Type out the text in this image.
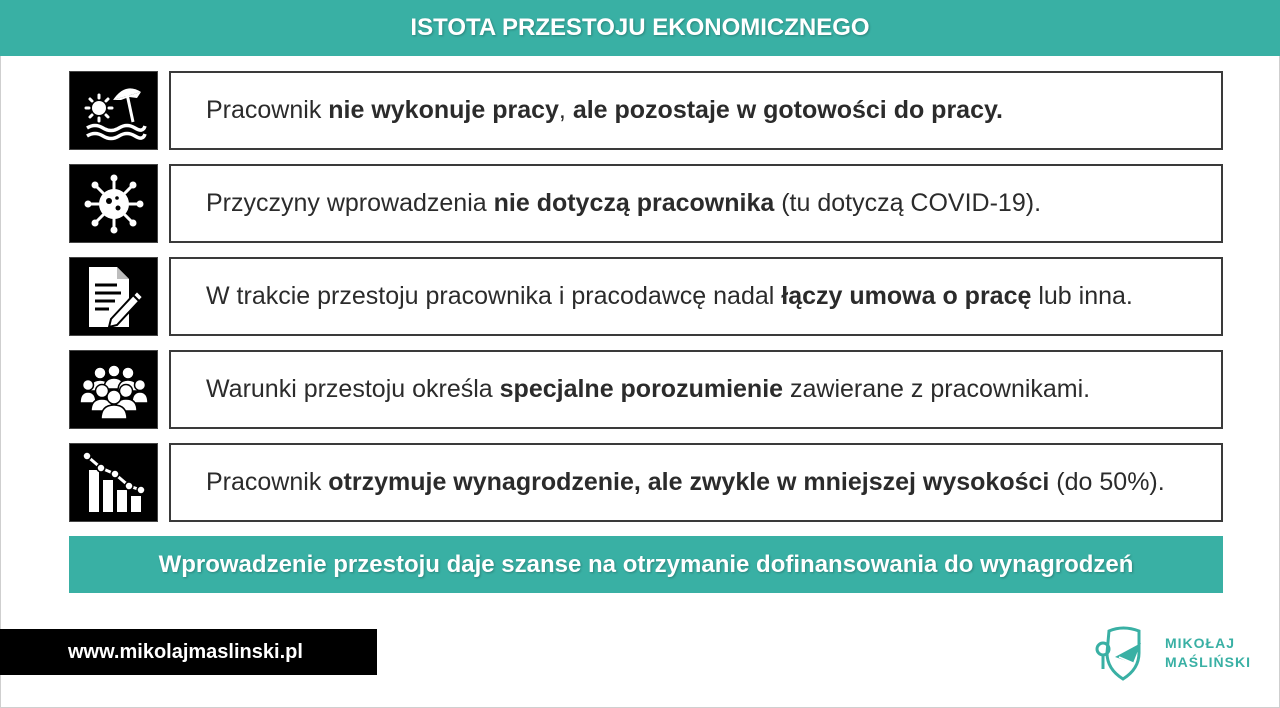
ISTOTA PRZESTOJU EKONOMICZNEGO
Pracownik nie wykonuje pracy, ale pozostaje w gotowości do pracy.
Przyczyny wprowadzenia nie dotyczą pracownika (tu dotyczą COVID-19).
W trakcie przestoju pracownika i pracodawcę nadal łączy umowa o pracę lub inna.
Warunki przestoju określa specjalne porozumienie zawierane z pracownikami.
Pracownik otrzymuje wynagrodzenie, ale zwykle w mniejszej wysokości (do 50%).
Wprowadzenie przestoju daje szanse na otrzymanie dofinansowania do wynagrodzeń
www.mikolajmaslinski.pl	MIKOŁAJ
MAŚLIŃSKI
